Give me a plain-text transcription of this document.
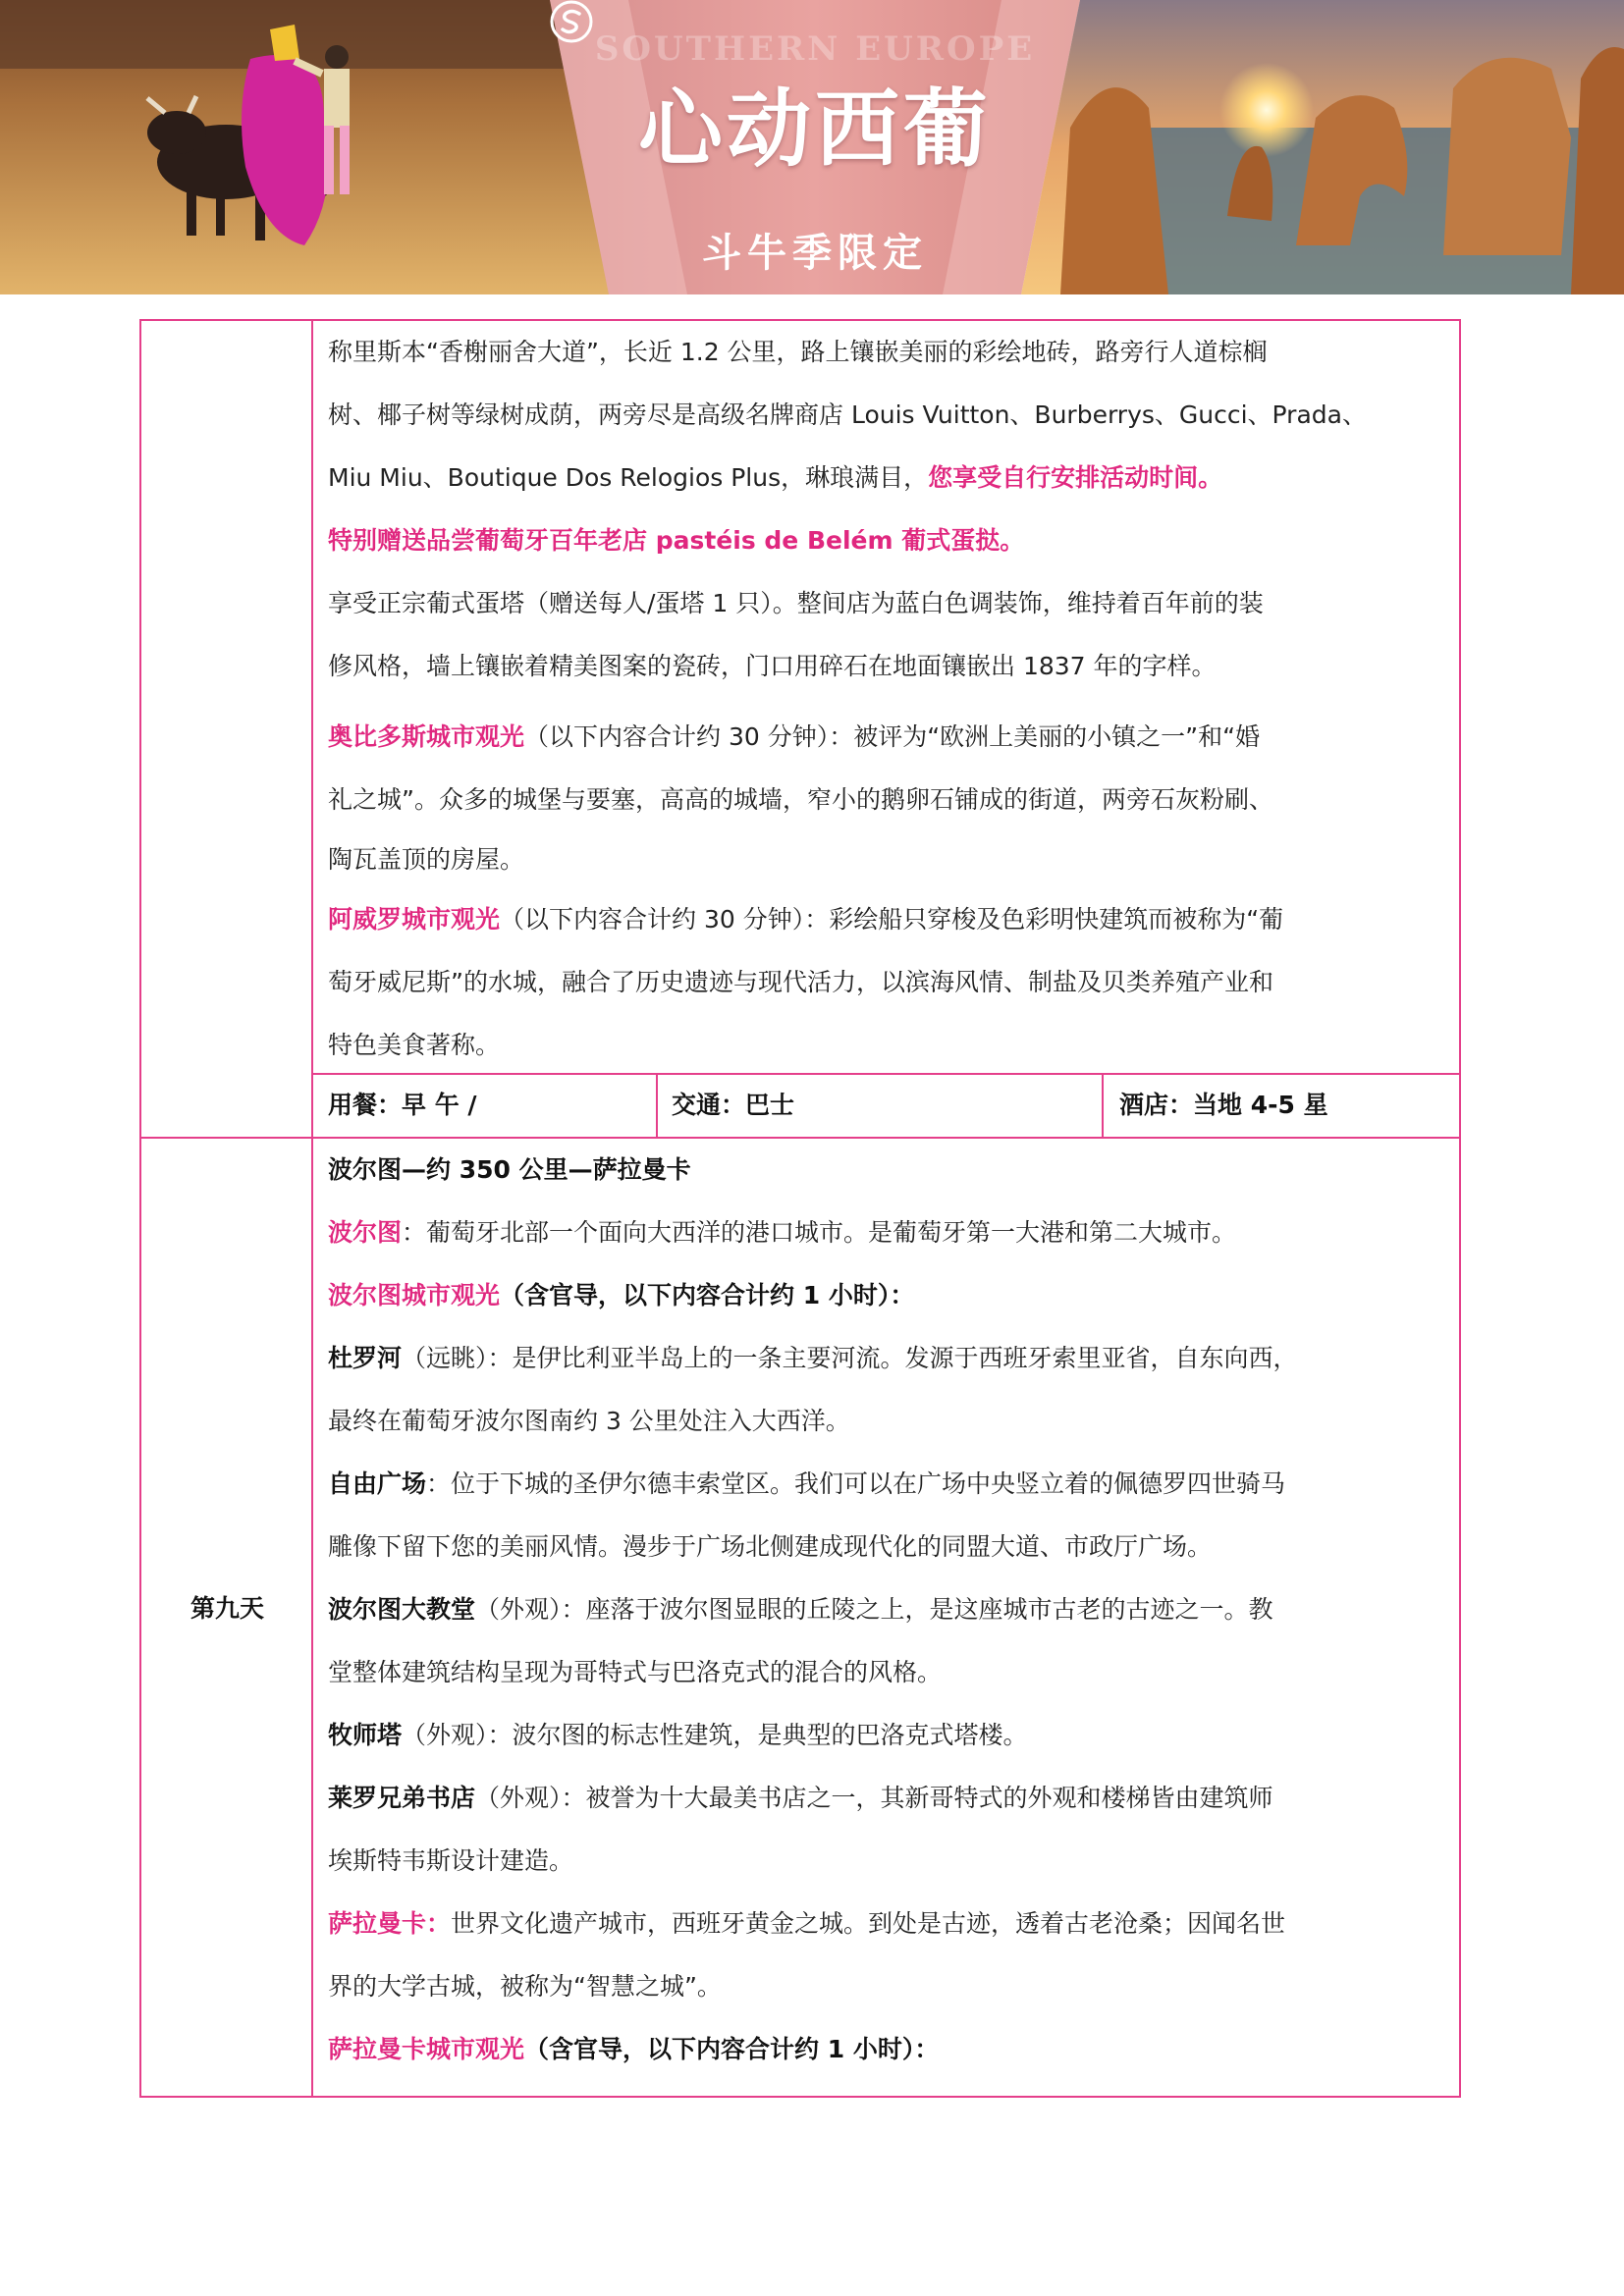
SOUTHERN EUROPE
心动西葡
斗牛季限定

称里斯本“香榭丽舍大道”，长近 1.2 公里，路上镶嵌美丽的彩绘地砖，路旁行人道棕榈

树、椰子树等绿树成荫，两旁尽是高级名牌商店 Louis Vuitton、Burberrys、Gucci、Prada、

Miu Miu、Boutique Dos Relogios Plus，琳琅满目，您享受自行安排活动时间。

特别赠送品尝葡萄牙百年老店 pastéis de Belém 葡式蛋挞。

享受正宗葡式蛋塔（赠送每人/蛋塔 1 只）。整间店为蓝白色调装饰，维持着百年前的装

修风格，墙上镶嵌着精美图案的瓷砖，门口用碎石在地面镶嵌出 1837 年的字样。

奥比多斯城市观光（以下内容合计约 30 分钟）：被评为“欧洲上美丽的小镇之一”和“婚

礼之城”。众多的城堡与要塞，高高的城墙，窄小的鹅卵石铺成的街道，两旁石灰粉刷、

陶瓦盖顶的房屋。

阿威罗城市观光（以下内容合计约 30 分钟）：彩绘船只穿梭及色彩明快建筑而被称为“葡

萄牙威尼斯”的水城，融合了历史遗迹与现代活力，以滨海风情、制盐及贝类养殖产业和

特色美食著称。

用餐：早 午 /	交通：巴士	酒店：当地 4-5 星
第九天

波尔图—约 350 公里—萨拉曼卡

波尔图：葡萄牙北部一个面向大西洋的港口城市。是葡萄牙第一大港和第二大城市。

波尔图城市观光（含官导，以下内容合计约 1 小时）：

杜罗河（远眺）：是伊比利亚半岛上的一条主要河流。发源于西班牙索里亚省，自东向西，

最终在葡萄牙波尔图南约 3 公里处注入大西洋。

自由广场：位于下城的圣伊尔德丰索堂区。我们可以在广场中央竖立着的佩德罗四世骑马

雕像下留下您的美丽风情。漫步于广场北侧建成现代化的同盟大道、市政厅广场。

波尔图大教堂（外观）：座落于波尔图显眼的丘陵之上，是这座城市古老的古迹之一。教

堂整体建筑结构呈现为哥特式与巴洛克式的混合的风格。

牧师塔（外观）：波尔图的标志性建筑，是典型的巴洛克式塔楼。

莱罗兄弟书店（外观）：被誉为十大最美书店之一，其新哥特式的外观和楼梯皆由建筑师

埃斯特韦斯设计建造。

萨拉曼卡：世界文化遗产城市，西班牙黄金之城。到处是古迹，透着古老沧桑；因闻名世

界的大学古城，被称为“智慧之城”。

萨拉曼卡城市观光（含官导，以下内容合计约 1 小时）：
